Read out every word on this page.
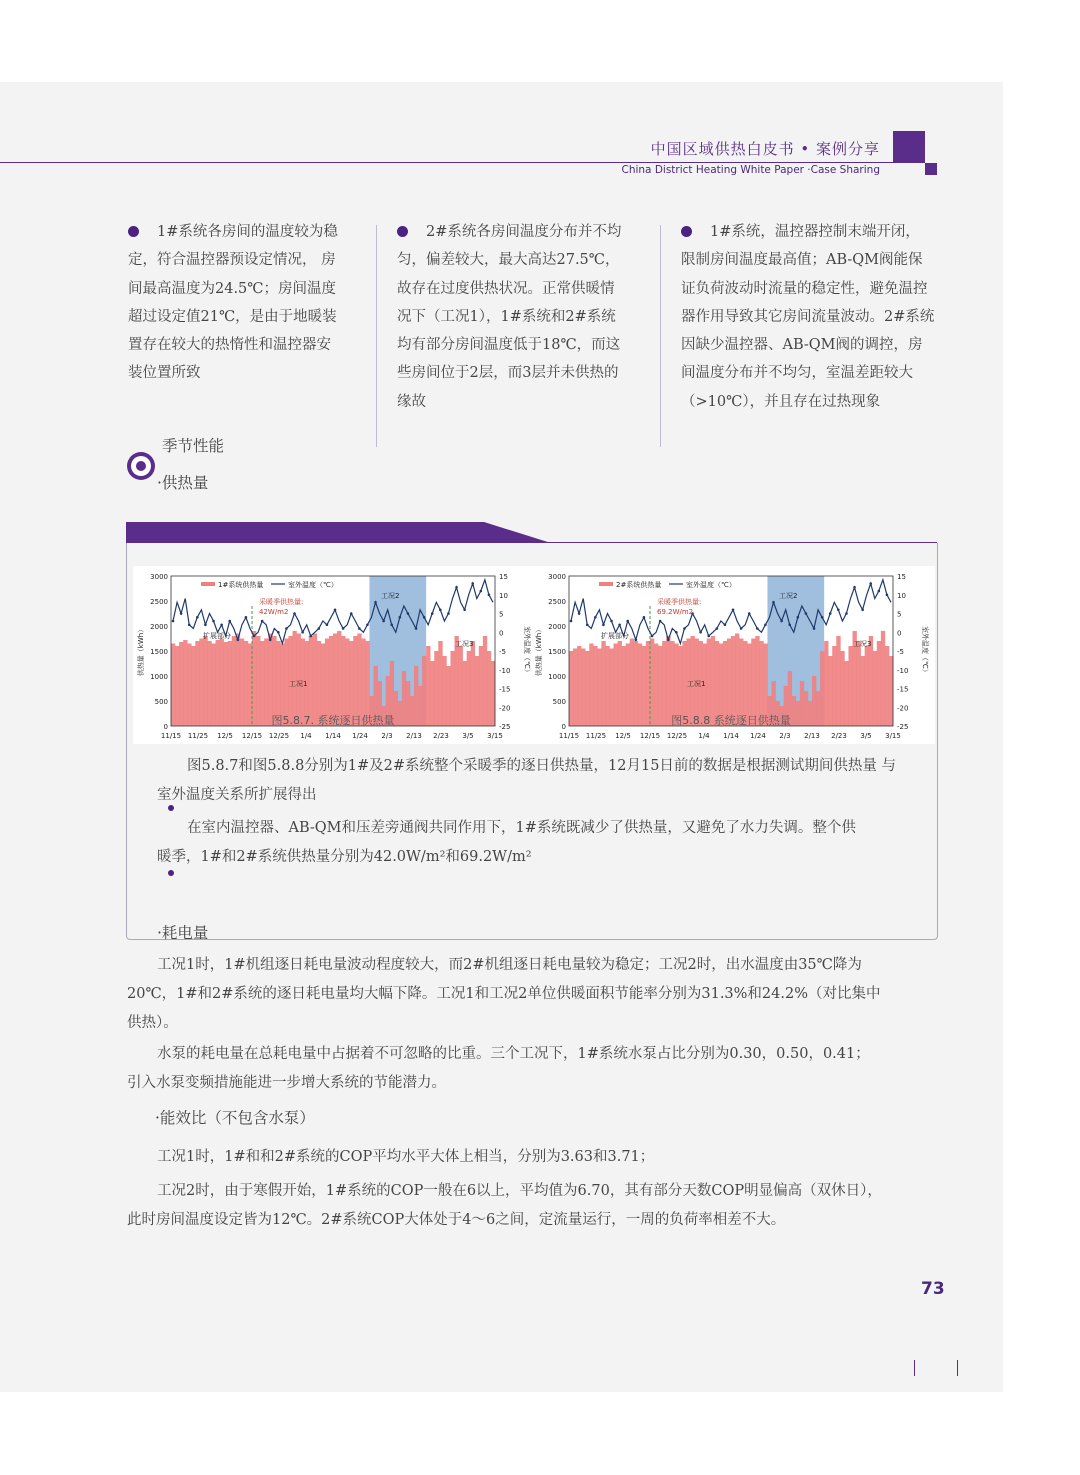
中国区域供热白皮书 • 案例分享
China District Heating White Paper ·Case Sharing
1#系统各房间的温度较为稳
定，符合温控器预设定情况， 房
间最高温度为24.5℃；房间温度
超过设定值21℃，是由于地暖装
置存在较大的热惰性和温控器安
装位置所致
2#系统各房间温度分布并不均
匀，偏差较大，最大高达27.5℃，
故存在过度供热状况。正常供暖情
况下（工况1），1#系统和2#系统
均有部分房间温度低于18℃，而这
些房间位于2层，而3层并未供热的
缘故
1#系统，温控器控制末端开闭，
限制房间温度最高值；AB-QM阀能保
证负荷波动时流量的稳定性，避免温控
器作用导致其它房间流量波动。2#系统
因缺少温控器、AB-QM阀的调控，房
间温度分布并不均匀，室温差距较大
（>10℃），并且存在过热现象
季节性能
·供热量
3000
2500
2000
1500
1000
500
0
15
10
5
0
-5
-10
-15
-20
-25
11/15 11/25 12/5 12/15 12/25 1/4 1/14 1/24 2/3 2/13 2/23 3/5 3/15
供热量（kWh）	室外温度（℃）
1#系统供热量	室外温度（℃）
采暖季供热量:
42W/m2
扩展部分
工况1
工况2
工况3
图5.8.7. 系统逐日供热量
3000
2500
2000
1500
1000
500
0
15
10
5
0
-5
-10
-15
-20
-25
11/15 11/25 12/5 12/15 12/25 1/4 1/14 1/24 2/3 2/13 2/23 3/5 3/15
供热量（kWh）	室外温度（℃）
2#系统供热量	室外温度（℃）
采暖季供热量:
69.2W/m2
扩展部分
工况1
工况2
工况3
图5.8.8 系统逐日供热量
图5.8.7和图5.8.8分别为1#及2#系统整个采暖季的逐日供热量，12月15日前的数据是根据测试期间供热量 与
室外温度关系所扩展得出
在室内温控器、AB-QM和压差旁通阀共同作用下，1#系统既减少了供热量，又避免了水力失调。整个供
暖季，1#和2#系统供热量分别为42.0W/m²和69.2W/m²
·耗电量
工况1时，1#机组逐日耗电量波动程度较大，而2#机组逐日耗电量较为稳定；工况2时，出水温度由35℃降为
20℃，1#和2#系统的逐日耗电量均大幅下降。工况1和工况2单位供暖面积节能率分别为31.3%和24.2%（对比集中
供热）。
水泵的耗电量在总耗电量中占据着不可忽略的比重。三个工况下，1#系统水泵占比分别为0.30，0.50，0.41；
引入水泵变频措施能进一步增大系统的节能潜力。
·能效比（不包含水泵）
工况1时，1#和和2#系统的COP平均水平大体上相当，分别为3.63和3.71；
工况2时，由于寒假开始，1#系统的COP一般在6以上，平均值为6.70，其有部分天数COP明显偏高（双休日），
此时房间温度设定皆为12℃。2#系统COP大体处于4～6之间，定流量运行，一周的负荷率相差不大。
73
